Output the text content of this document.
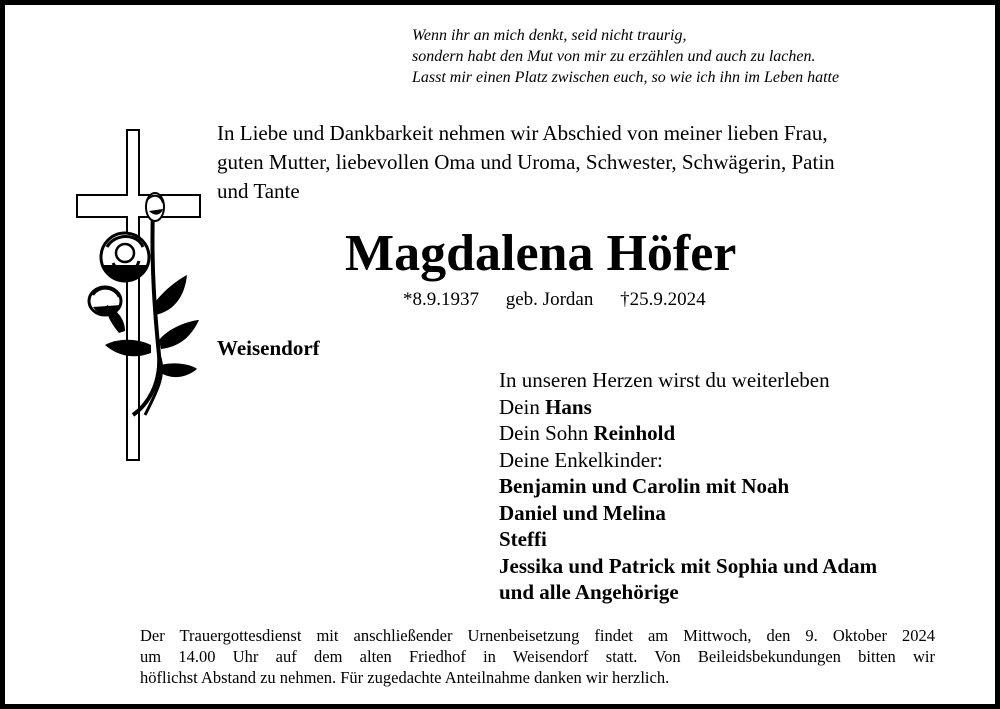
Wenn ihr an mich denkt, seid nicht traurig,
sondern habt den Mut von mir zu erzählen und auch zu lachen.
Lasst mir einen Platz zwischen euch, so wie ich ihn im Leben hatte
In Liebe und Dankbarkeit nehmen wir Abschied von meiner lieben Frau,
guten Mutter, liebevollen Oma und Uroma, Schwester, Schwägerin, Patin
und Tante
Magdalena Höfer
*8.9.1937 geb. Jordan †25.9.2024
Weisendorf
In unseren Herzen wirst du weiterleben
Dein Hans
Dein Sohn Reinhold
Deine Enkelkinder:
Benjamin und Carolin mit Noah
Daniel und Melina
Steffi
Jessika und Patrick mit Sophia und Adam
und alle Angehörige
Der Trauergottesdienst mit anschließender Urnenbeisetzung findet am Mittwoch, den 9. Oktober 2024
um 14.00 Uhr auf dem alten Friedhof in Weisendorf statt. Von Beileidsbekundungen bitten wir
höflichst Abstand zu nehmen. Für zugedachte Anteilnahme danken wir herzlich.
